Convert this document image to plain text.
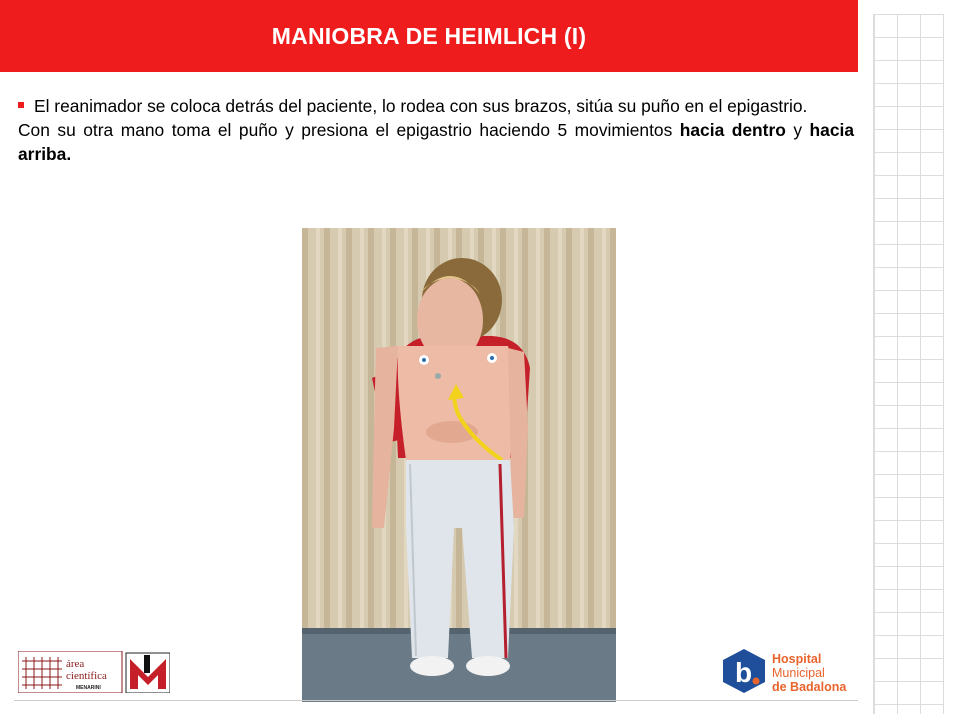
MANIOBRA DE HEIMLICH (I)

El reanimador se coloca detrás del paciente, lo rodea con sus brazos, sitúa su puño en el epigastrio.

Con su otra mano toma el puño y presiona el epigastrio haciendo 5 movimientos hacia dentro y hacia arriba.

área
científica
MENARINI	b Hospital
Municipal
de Badalona
